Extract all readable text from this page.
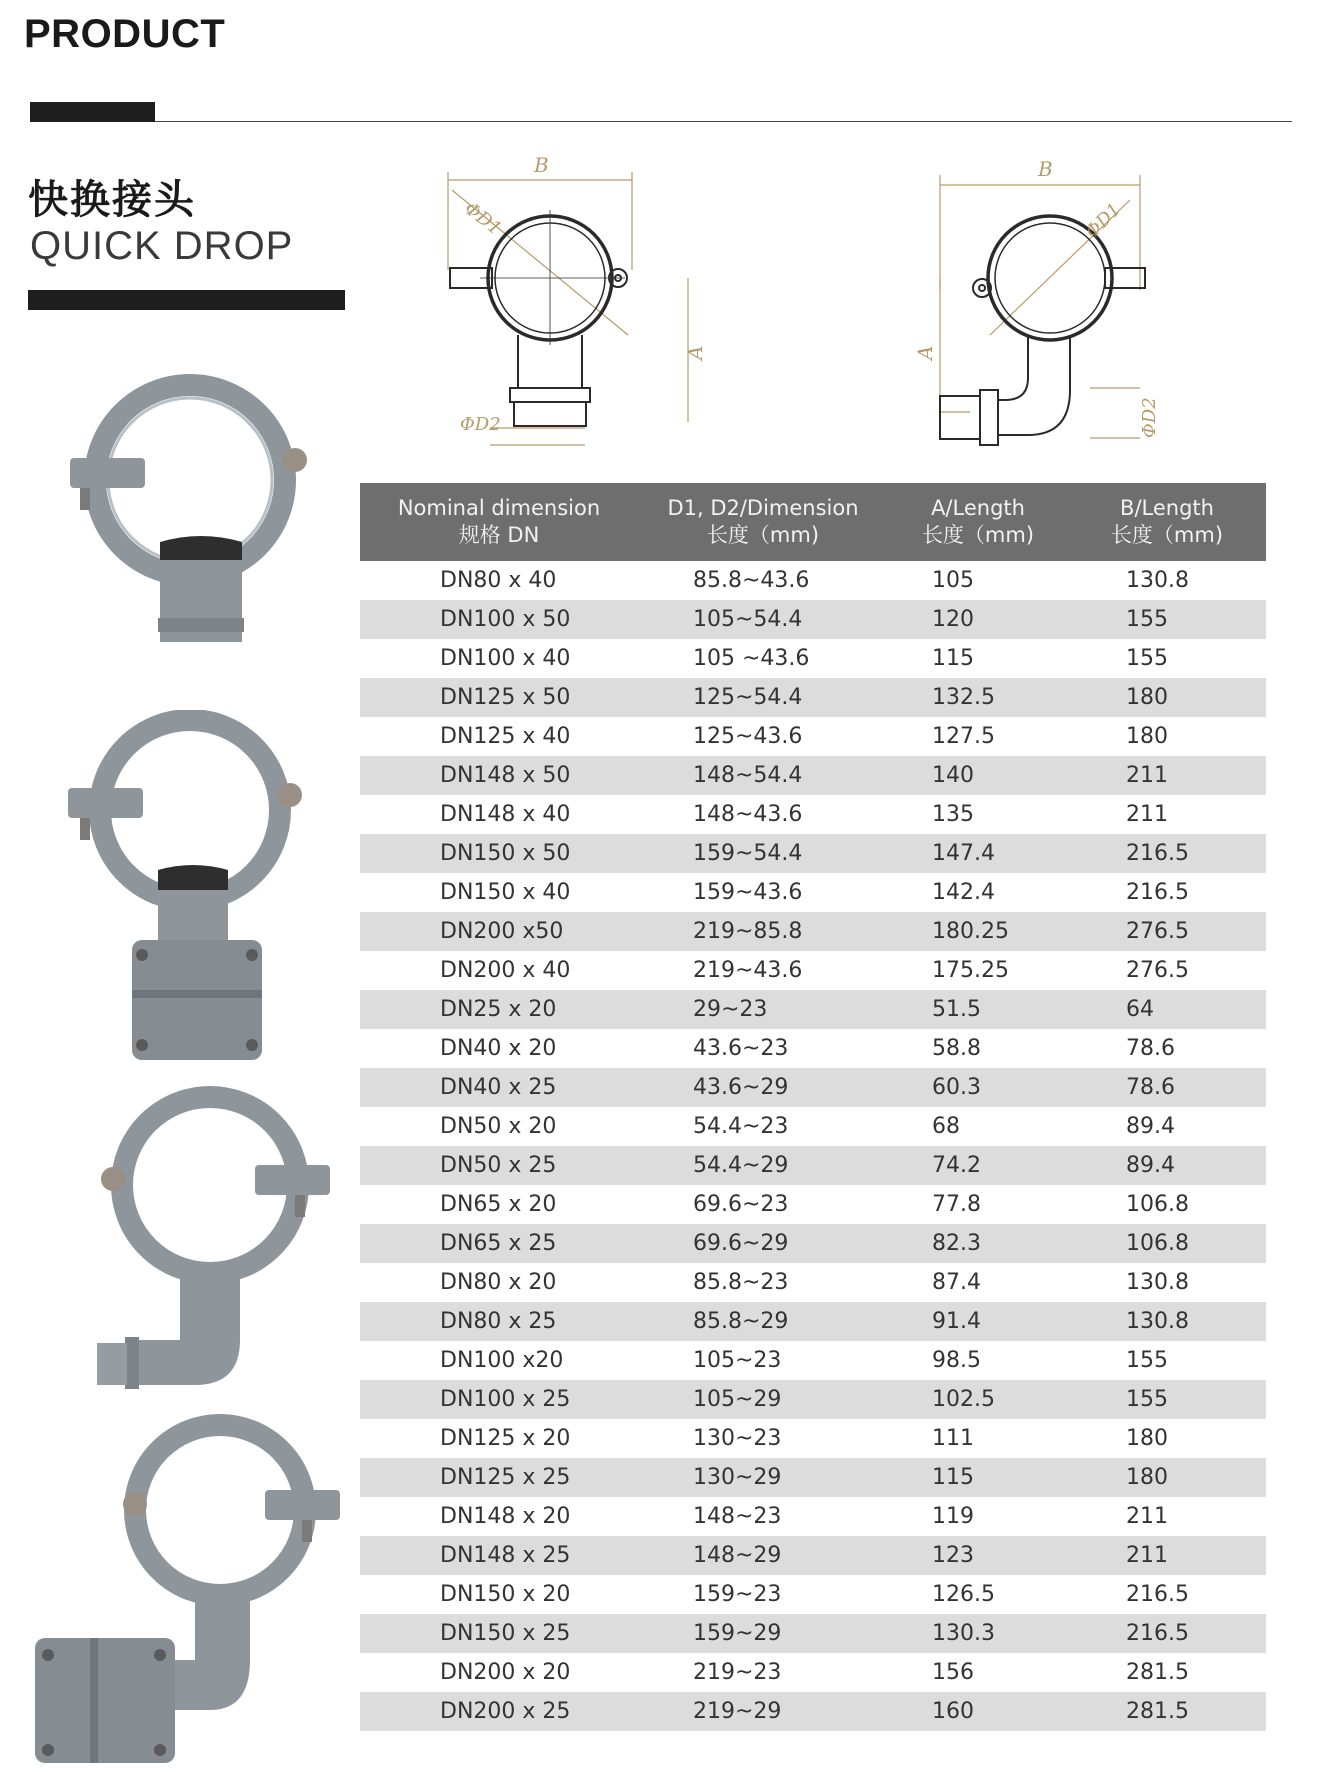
PRODUCT
快换接头
QUICK DROP
B
ΦD1
A
ΦD2
B
ΦD1
A
ΦD2
Nominal dimension
规格 DN
D1, D2/Dimension
长度（mm)
A/Length
长度（mm)
B/Length
长度（mm)
DN80 x 40	85.8~43.6	105	130.8
DN100 x 50	105~54.4	120	155
DN100 x 40	105 ~43.6	115	155
DN125 x 50	125~54.4	132.5	180
DN125 x 40	125~43.6	127.5	180
DN148 x 50	148~54.4	140	211
DN148 x 40	148~43.6	135	211
DN150 x 50	159~54.4	147.4	216.5
DN150 x 40	159~43.6	142.4	216.5
DN200 x50	219~85.8	180.25	276.5
DN200 x 40	219~43.6	175.25	276.5
DN25 x 20	29~23	51.5	64
DN40 x 20	43.6~23	58.8	78.6
DN40 x 25	43.6~29	60.3	78.6
DN50 x 20	54.4~23	68	89.4
DN50 x 25	54.4~29	74.2	89.4
DN65 x 20	69.6~23	77.8	106.8
DN65 x 25	69.6~29	82.3	106.8
DN80 x 20	85.8~23	87.4	130.8
DN80 x 25	85.8~29	91.4	130.8
DN100 x20	105~23	98.5	155
DN100 x 25	105~29	102.5	155
DN125 x 20	130~23	111	180
DN125 x 25	130~29	115	180
DN148 x 20	148~23	119	211
DN148 x 25	148~29	123	211
DN150 x 20	159~23	126.5	216.5
DN150 x 25	159~29	130.3	216.5
DN200 x 20	219~23	156	281.5
DN200 x 25	219~29	160	281.5
